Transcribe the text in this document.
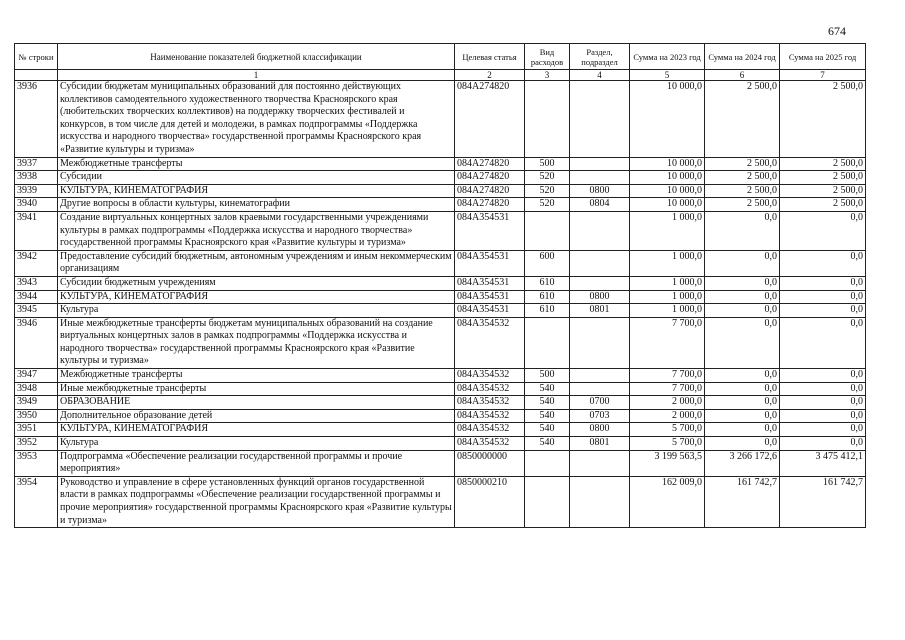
674
№ строки	Наименование показателей бюджетной классификации	Целевая статья	Вид расходов	Раздел, подраздел	Сумма на 2023 год	Сумма на 2024 год	Сумма на 2025 год
	1	2	3	4	5	6	7
3936	Субсидии бюджетам муниципальных образований для постоянно действующих коллективов самодеятельного художественного творчества Красноярского края (любительских творческих коллективов) на поддержку творческих фестивалей и конкурсов, в том числе для детей и молодежи, в рамках подпрограммы «Поддержка искусства и народного творчества» государственной программы Красноярского края «Развитие культуры и туризма»	084A274820			10 000,0	2 500,0	2 500,0
3937	Межбюджетные трансферты	084A274820	500		10 000,0	2 500,0	2 500,0
3938	Субсидии	084A274820	520		10 000,0	2 500,0	2 500,0
3939	КУЛЬТУРА, КИНЕМАТОГРАФИЯ	084A274820	520	0800	10 000,0	2 500,0	2 500,0
3940	Другие вопросы в области культуры, кинематографии	084A274820	520	0804	10 000,0	2 500,0	2 500,0
3941	Создание виртуальных концертных залов краевыми государственными учреждениями культуры в рамках подпрограммы «Поддержка искусства и народного творчества» государственной программы Красноярского края «Развитие культуры и туризма»	084A354531			1 000,0	0,0	0,0
3942	Предоставление субсидий бюджетным, автономным учреждениям и иным некоммерческим организациям	084A354531	600		1 000,0	0,0	0,0
3943	Субсидии бюджетным учреждениям	084A354531	610		1 000,0	0,0	0,0
3944	КУЛЬТУРА, КИНЕМАТОГРАФИЯ	084A354531	610	0800	1 000,0	0,0	0,0
3945	Культура	084A354531	610	0801	1 000,0	0,0	0,0
3946	Иные межбюджетные трансферты бюджетам муниципальных образований на создание виртуальных концертных залов в рамках подпрограммы «Поддержка искусства и народного творчества» государственной программы Красноярского края «Развитие культуры и туризма»	084A354532			7 700,0	0,0	0,0
3947	Межбюджетные трансферты	084A354532	500		7 700,0	0,0	0,0
3948	Иные межбюджетные трансферты	084A354532	540		7 700,0	0,0	0,0
3949	ОБРАЗОВАНИЕ	084A354532	540	0700	2 000,0	0,0	0,0
3950	Дополнительное образование детей	084A354532	540	0703	2 000,0	0,0	0,0
3951	КУЛЬТУРА, КИНЕМАТОГРАФИЯ	084A354532	540	0800	5 700,0	0,0	0,0
3952	Культура	084A354532	540	0801	5 700,0	0,0	0,0
3953	Подпрограмма «Обеспечение реализации государственной программы и прочие мероприятия»	0850000000			3 199 563,5	3 266 172,6	3 475 412,1
3954	Руководство и управление в сфере установленных функций органов государственной власти в рамках подпрограммы «Обеспечение реализации государственной программы и прочие мероприятия» государственной программы Красноярского края «Развитие культуры и туризма»	0850000210			162 009,0	161 742,7	161 742,7
